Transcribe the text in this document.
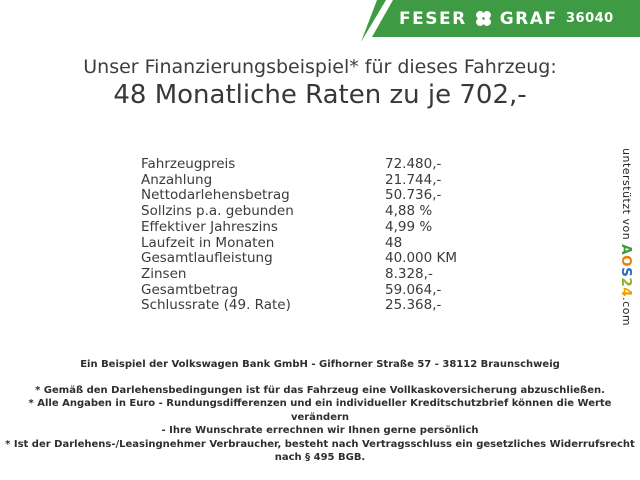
FESER GRAF 36040
Unser Finanzierungsbeispiel* für dieses Fahrzeug:
48 Monatliche Raten zu je 702,-
Fahrzeugpreis	72.480,-
Anzahlung	21.744,-
Nettodarlehensbetrag	50.736,-
Sollzins p.a. gebunden	4,88 %
Effektiver Jahreszins	4,99 %
Laufzeit in Monaten	48
Gesamtlaufleistung	40.000 KM
Zinsen	8.328,-
Gesamtbetrag	59.064,-
Schlussrate (49. Rate)	25.368,-
Ein Beispiel der Volkswagen Bank GmbH - Gifhorner Straße 57 - 38112 Braunschweig
* Gemäß den Darlehensbedingungen ist für das Fahrzeug eine Vollkaskoversicherung abzuschließen.
* Alle Angaben in Euro - Rundungsdifferenzen und ein individueller Kreditschutzbrief können die Werte verändern
- Ihre Wunschrate errechnen wir Ihnen gerne persönlich
* Ist der Darlehens-/Leasingnehmer Verbraucher, besteht nach Vertragsschluss ein gesetzliches Widerrufsrecht
nach § 495 BGB.
unterstützt von AOS24.com
